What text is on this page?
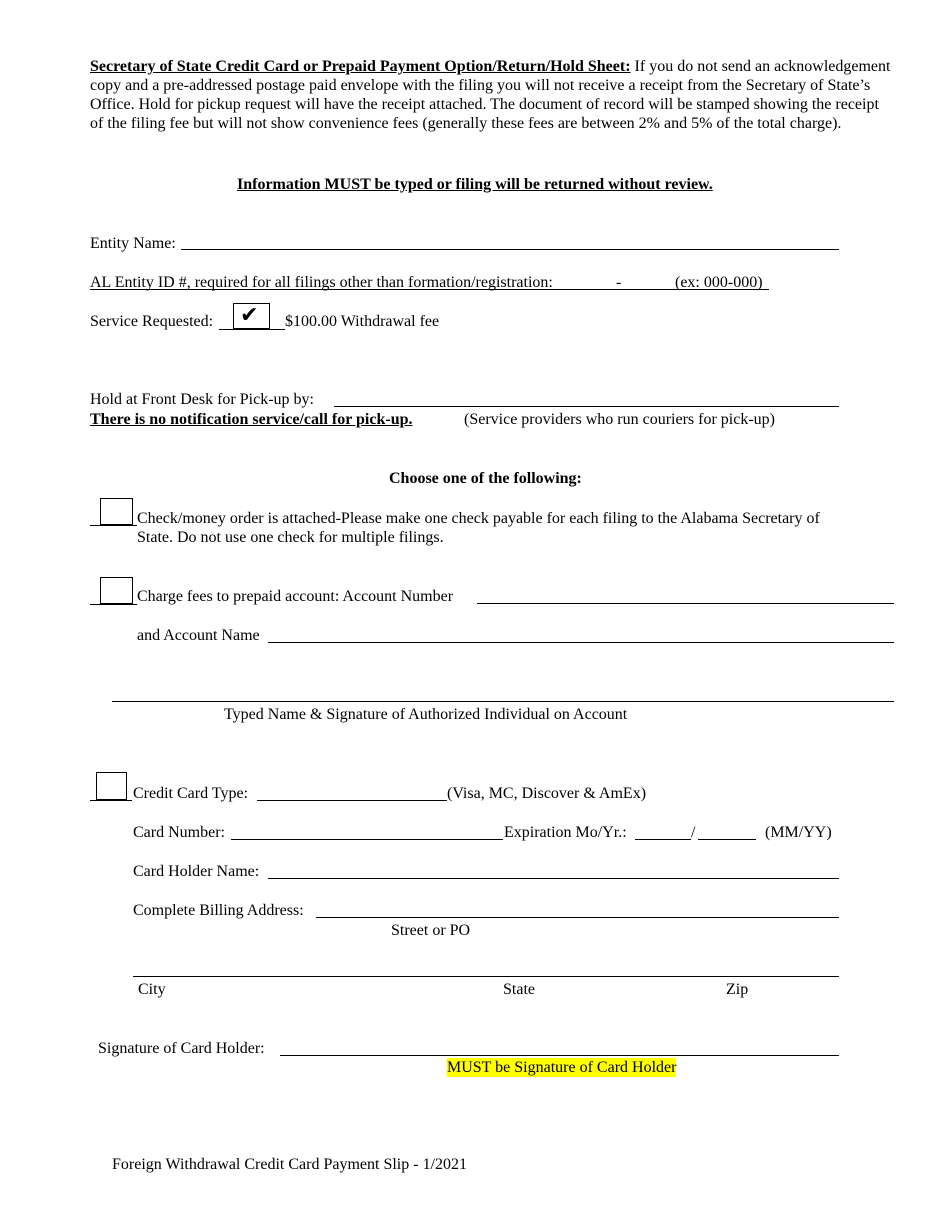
Secretary of State Credit Card or Prepaid Payment Option/Return/Hold Sheet: If you do not send an acknowledgement copy and a pre-addressed postage paid envelope with the filing you will not receive a receipt from the Secretary of State’s Office. Hold for pickup request will have the receipt attached. The document of record will be stamped showing the receipt of the filing fee but will not show convenience fees (generally these fees are between 2% and 5% of the total charge).
Information MUST be typed or filing will be returned without review.
Entity Name:
AL Entity ID #, required for all filings other than formation/registration:	-	(ex: 000-000)
Service Requested: ✔ $100.00 Withdrawal fee
Hold at Front Desk for Pick-up by:
There is no notification service/call for pick-up.	(Service providers who run couriers for pick-up)
Choose one of the following:
Check/money order is attached-Please make one check payable for each filing to the Alabama Secretary of
State. Do not use one check for multiple filings.
Charge fees to prepaid account: Account Number
and Account Name
Typed Name & Signature of Authorized Individual on Account
Credit Card Type:	(Visa, MC, Discover & AmEx)
Card Number:	Expiration Mo/Yr.:	/	(MM/YY)
Card Holder Name:
Complete Billing Address:
Street or PO
City	State	Zip
Signature of Card Holder:
MUST be Signature of Card Holder
Foreign Withdrawal Credit Card Payment Slip - 1/2021
